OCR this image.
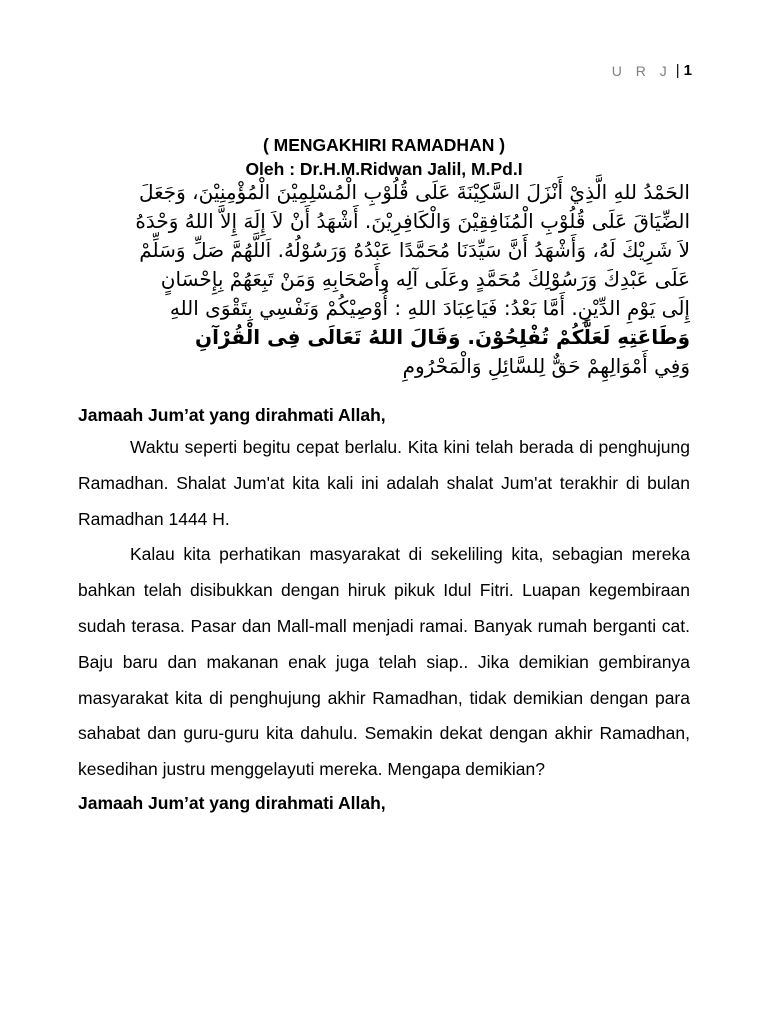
U R J | 1
( MENGAKHIRI RAMADHAN )
Oleh : Dr.H.M.Ridwan Jalil, M.Pd.I
الحَمْدُ للهِ الَّذِيْ أَنْزَلَ السَّكِيْنَةَ عَلَى قُلُوْبِ الْمُسْلِمِيْنَ الْمُؤْمِنِيْنَ، وَجَعَلَ
الضِّيَاقَ عَلَى قُلُوْبِ الْمُنَافِقِيْنَ وَالْكَافِرِيْنَ. أَشْهَدُ أَنْ لاَ إِلَهَ إِلاَّ اللهُ وَحْدَهُ
لاَ شَرِيْكَ لَهُ، وَأَشْهَدُ أَنَّ سَيِّدَنَا مُحَمَّدًا عَبْدُهُ وَرَسُوْلُهُ. اَللَّهُمَّ صَلِّ وَسَلِّمْ
عَلَى عَبْدِكَ وَرَسُوْلِكَ مُحَمَّدٍ وعَلَى آلِه وأَصْحَابِهِ وَمَنْ تَبِعَهُمْ بِإِحْسَانٍ
إِلَى يَوْمِ الدِّيْنِ. أَمَّا بَعْدُ: فَيَاعِبَادَ اللهِ : أُوْصِيْكُمْ وَنَفْسِي بِتَقْوَى اللهِ
وَطَاعَتِهِ لَعَلَّكُمْ تُفْلِحُوْنَ. وَقَالَ اللهُ تَعَالَى فِى الْقُرْآنِ
وَفِي أَمْوَالِهِمْ حَقٌّ لِلسَّائِلِ وَالْمَحْرُومِ
Jamaah Jum’at yang dirahmati Allah,

Waktu seperti begitu cepat berlalu. Kita kini telah berada di penghujung Ramadhan. Shalat Jum'at kita kali ini adalah shalat Jum'at terakhir di bulan Ramadhan 1444 H.

Kalau kita perhatikan masyarakat di sekeliling kita, sebagian mereka bahkan telah disibukkan dengan hiruk pikuk Idul Fitri. Luapan kegembiraan sudah terasa. Pasar dan Mall-mall menjadi ramai. Banyak rumah berganti cat. Baju baru dan makanan enak juga telah siap.. Jika demikian gembiranya masyarakat kita di penghujung akhir Ramadhan, tidak demikian dengan para sahabat dan guru-guru kita dahulu. Semakin dekat dengan akhir Ramadhan, kesedihan justru menggelayuti mereka. Mengapa demikian?

Jamaah Jum’at yang dirahmati Allah,
